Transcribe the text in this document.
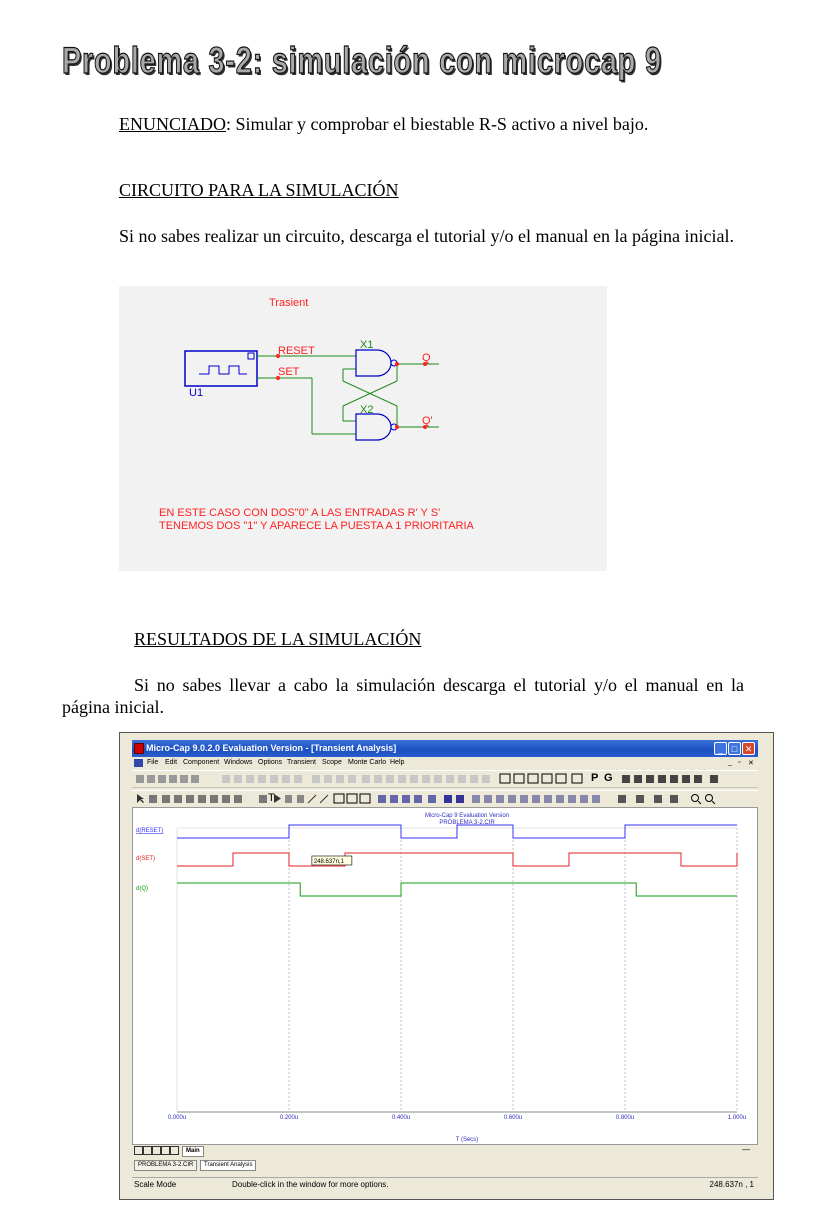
Problema 3-2: simulación con microcap 9
ENUNCIADO: Simular y comprobar el biestable R-S activo a nivel bajo.
CIRCUITO PARA LA SIMULACIÓN
Si no sabes realizar un circuito, descarga el tutorial y/o el manual en la página inicial.
Trasient
U1
RESET
SET
X1
X2
Q
Q'
EN ESTE CASO CON DOS"0" A LAS ENTRADAS R' Y S'
TENEMOS DOS "1" Y APARECE LA PUESTA A 1 PRIORITARIA
RESULTADOS DE LA SIMULACIÓN
Si no sabes llevar a cabo la simulación descarga el tutorial y/o el manual en la página inicial.
Micro-Cap 9.0.2.0 Evaluation Version - [Transient Analysis]	_ □ ✕
File Edit Component Windows Options Transient Scope Monte Carlo Help	_ ▫ ✕
P G
T
Micro-Cap 9 Evaluation Version
PROBLEMA 3-2.CIR
0.000u	0.200u	0.400u	0.600u	0.800u	1.000u
d(RESET)
d(SET)
d(Q)
248.637n,1
T (Secs)
Main	—
PROBLEMA 3-2.CIR	Transient Analysis
Scale Mode	Double-click in the window for more options.	248.637n , 1
